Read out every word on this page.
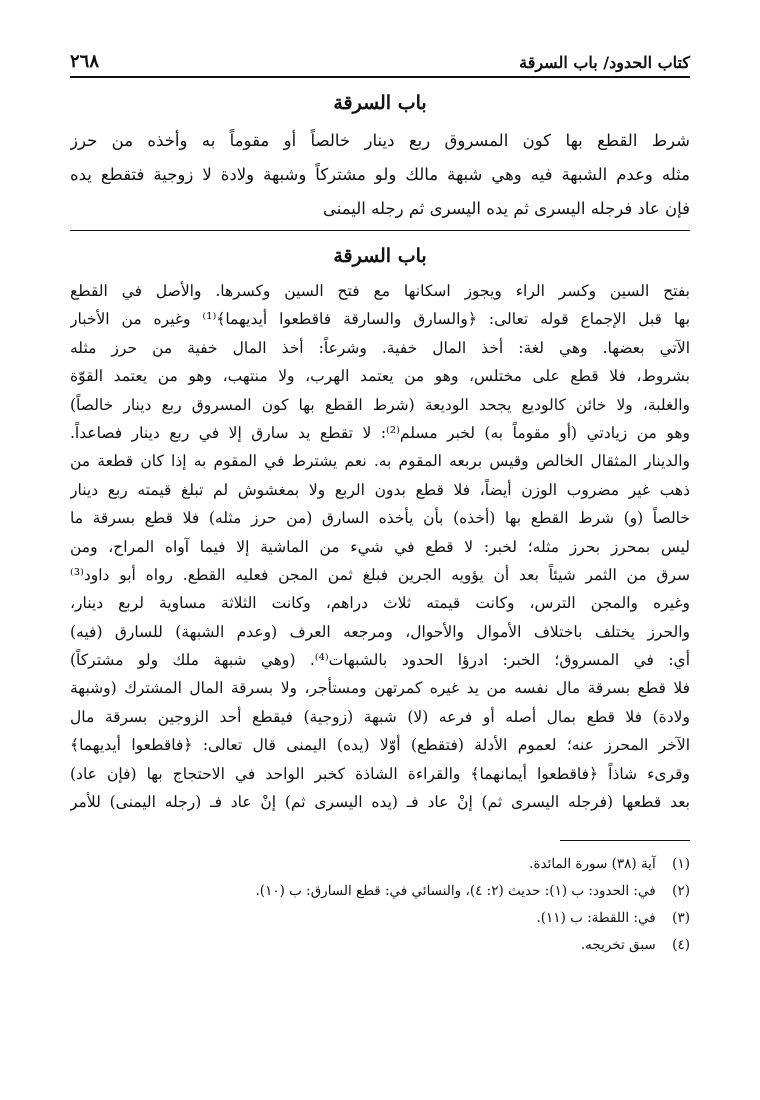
كتاب الحدود/ باب السرقة
٢٦٨
باب السرقة
شرط القطع بها كون المسروق ربع دينار خالصاً أو مقوماً به وأخذه من حرز
مثله وعدم الشبهة فيه وهي شبهة مالك ولو مشتركاً وشبهة ولادة لا زوجية فتقطع يده
فإن عاد فرجله اليسرى ثم يده اليسرى ثم رجله اليمنى
باب السرقة
بفتح السين وكسر الراء ويجوز اسكانها مع فتح السين وكسرها. والأصل في القطع
بها قبل الإجماع قوله تعالى: ﴿والسارق والسارقة فاقطعوا أيديهما﴾⁽¹⁾ وغيره من الأخبار
الآتي بعضها. وهي لغة: أخذ المال خفية. وشرعاً: أخذ المال خفية من حرز مثله
بشروط، فلا قطع على مختلس، وهو من يعتمد الهرب، ولا منتهب، وهو من يعتمد القوّة
والغلبة، ولا خائن كالوديع يجحد الوديعة (شرط القطع بها كون المسروق ربع دينار خالصاً)
وهو من زيادتي (أو مقوماً به) لخبر مسلم⁽²⁾: لا تقطع يد سارق إلا في ربع دينار فصاعداً.
والدينار المثقال الخالص وقيس بربعه المقوم به. نعم يشترط في المقوم به إذا كان قطعة من
ذهب غير مضروب الوزن أيضاً، فلا قطع بدون الربع ولا بمغشوش لم تبلغ قيمته ربع دينار
خالصاً (و) شرط القطع بها (أخذه) بأن يأخذه السارق (من حرز مثله) فلا قطع بسرقة ما
ليس بمحرز بحرز مثله؛ لخبر: لا قطع في شيء من الماشية إلا فيما آواه المراح، ومن
سرق من الثمر شيئاً بعد أن يؤويه الجرين فبلغ ثمن المجن فعليه القطع. رواه أبو داود⁽³⁾
وغيره والمجن الترس، وكانت قيمته ثلاث دراهم، وكانت الثلاثة مساوية لربع دينار،
والحرز يختلف باختلاف الأموال والأحوال، ومرجعه العرف (وعدم الشبهة) للسارق (فيه)
أي: في المسروق؛ الخبر: ادرؤا الحدود بالشبهات⁽⁴⁾. (وهي شبهة ملك ولو مشتركاً)
فلا قطع بسرقة مال نفسه من يد غيره كمرتهن ومستأجر، ولا بسرقة المال المشترك (وشبهة
ولادة) فلا قطع بمال أصله أو فرعه (لا) شبهة (زوجية) فيقطع أحد الزوجين بسرقة مال
الآخر المحرز عنه؛ لعموم الأدلة (فتقطع) أوّلا (يده) اليمنى قال تعالى: ﴿فاقطعوا أيديهما﴾
وقرىء شاذاً ﴿فاقطعوا أيمانهما﴾ والقراءة الشاذة كخبر الواحد في الاحتجاج بها (فإن عاد)
بعد قطعها (فرجله اليسرى ثم) إنْ عاد فـ (يده اليسرى ثم) إنْ عاد فـ (رجله اليمنى) للأمر
(١) آية (٣٨) سورة المائدة.
(٢) في: الحدود: ب (١): حديث (٢: ٤)، والنسائي في: قطع السارق: ب (١٠).
(٣) في: اللقطة: ب (١١).
(٤) سبق تخريجه.
